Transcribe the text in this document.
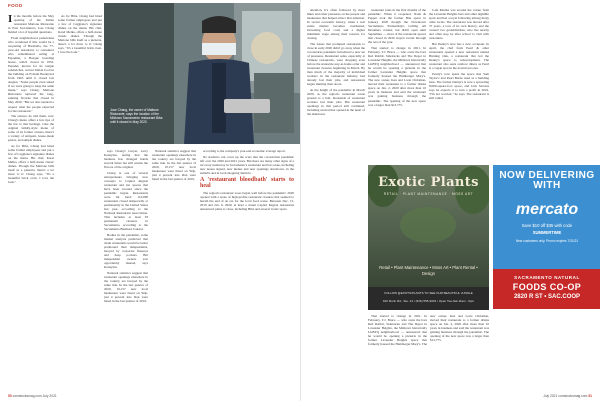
FOOD

In the months before the May opening of his Italian restaurant Mattone Ristorante in East Sacramento, Jose Chang fielded a lot of hopeful questions.

From neighborhood pedestrians who wondered if this would be a reopening of Bareballa, the 77-year-old restaurant, to customers who remembered eating at Espadine, a Basque boarding house, which closed in 1952. Espadel, known for its tongue sandwiches, served Italian food in the building on Folsom Boulevard from 1965 until it closed last August. "Some people even asked if we were going to keep the same menu," says Chang. Mattone Ristorante replaced the long-running favorite that closed in May 2020. "But we also needed to respect what the people expected for the restaurant."

The answer, he told them, was: Chang's menu offers a few tips of the hat to that heritage. Like the original family-style menu of some of its former owners, there's a variety of antipasti, house-made pastas, and simple dishes.

As for Biba, Chang had hired some former employees and put a few of Caggiano's signature dishes on the menu. His chef, Karel Melka, offers a half-dozen classic dishes. Though the Mattone bills itself as a pizzeria, there's a lot more to it: Chang says, "It's a beautiful brick oven. I love the look."

As for Biba, Chang had hired some former employees and put a few of Caggiano's signature dishes on the menu. His chef, Karel Melka, offers a half-dozen classic dishes. Though the Mattone bills itself as a pizzeria, there's a lot more to it: Chang says, "It's a beautiful brick oven. I love the look."

Jose Chang, the owner of Mattone Ristorante, says the location of the Midtown Sacramento restaurant Biba until it closed in May 2020.

says Chang's lawyer, Larry Kanayian, noting that the business has changed hands several times but still retains the flavors of the original.

Chang is one of several entrepreneurs bringing new concepts to Capitol Region restaurant and bar spaces that have been vacated since the pandemic began. Restaurants were hit hard: 110,000 restaurants closed temporarily or permanently in the United States last year, according to the National Restaurant Association. That includes at least 93 permanent closures in Sacramento, according to the Sacramento Business Journal.

Bodies in the pandemic, some market analysts predicted that chain restaurants would be better positioned than independents, buoyed by corporate finances and deep pockets. But independent owners saw opportunity instead, says Kanayian.

National statistics suggest that restaurant openings elsewhere in the country are buoyed by the same tide. In the last quarter of 2020, 10,157 new local businesses were listed on Yelp, just 4 percent less than were listed in the last quarter of 2019,

National statistics suggest that restaurant openings elsewhere in the country are buoyed by the same tide. In the last quarter of 2020, 10,157 new local businesses were listed on Yelp, just 4 percent less than were listed in the last quarter of 2019,

according to the company's year-end economic average report.

No statistics can cover up the scars that the coronavirus pandemic left over the 2020 and 2021 years. But there are many other signs of a recovery underway in Sacramento's restaurant and bar scene, including new leases signed, new menus and new openings downtown, in the suburbs and in local shopping districts.

A 'restaurant bloodbath' starts to heal

The region's restaurant woes began well before the pandemic: 2020 opened with a spate of high-profile restaurant closures that seemed to herald the end of an era for the local food scene. Between Dec. 15, 2019 and Jan. 6, 2020, at least a dozen Capitol Region restaurants announced plans to close, including Biba and several iconic spots.

50 comstocksmag.com July 2021

attention, it's often followed by more hikes and other pressures on the people and businesses that helped attract that attention. In recent economic history, when a real estate market becomes overheated, increasing food costs and a higher minimum wage among their reasons for closing.

The issues that prompted restaurants to close in early 2020 didn't go away when the coronavirus pandemic introduced a new set of pressures. Restaurant sales, especially at Chinese restaurants, were dropping even before the statewide stay-at-home order and restaurant closures beginning in March. By then much of the majority of individual workers in the restaurant industry had already lost their jobs, and restaurants began shutting their doors.

At the height of the pandemic in March 2020, as the region's restaurant scene ground to a halt, thousands of restaurant workers lost their jobs. But restaurant openings in this period still continued, including several that opened in the heart of the shutdown.

restaurant sales in the first months of the pandemic. When it reopened, Noah & Pepper took the former Bite space in January 2020 though the Downtown Sacramento Partnership's Calling All Dreamers contest, but didn't open until September — most of the restaurant spaces that closed in 2020 stayed vacant through the rest of the year.

That started to change in 2021. In February, T.J. Bruce — who owns the bars Red Rabbit, Sidetracks and The Depot in Lavender Heights, the Midtown historically LGBTQ neighborhood — announced that he would be opening a pizzeria in the former Lavender Heights space that formerly housed the Hamburger Mary's. The new owner, Ken and Lorie Chrisman, moved their restaurant to a former drinks space on Jan. 2, 2020 after more than 10 years in business and said the restaurant was gaining business through the pandemic. The opening of the new space was a larger than $13,775.

Cafe Marika was around the corner from the Lavender Heights bars and other nightlife spots and had a loyal following among many older locals. The restaurant was moved after 37 years, a tour of its own history, and the owners' two grandchildren, who live nearby and often stop by after school to visit with customers.

But Denny's now has a new occupant. In April, the chef from Pearl & other restaurants opened a new restaurant named Burning Oak, a restaurant that led the Denny's space to redevelopment. The restaurant also seats outdoor diners as Pearl is a vegan spot in the downtown area.

Pearly's now spans the space that Sam Taylor's and Pearl Burns used as a building base. The former Denny's is now a sprawling 8,000-square-foot space, and Jack Stevens says he expects it to turn a profit in 2022. "I'm not worried," he says. The restaurant is still called

Exotic Plants
RETAIL · PLANT MAINTENANCE · MOSS ART
Retail • Plant Maintenance • Moss Art • Plant Rental • Design
FOLLOW @EXOTICPLANTS TO SEE OUR BEAUTIFUL JUNGLE
910 Florin Rd., Ste. 14 • (916) 555-3004 • Open Tue-Sat 11am - 6pm
NOW DELIVERING WITH
mercato
Save $10 off $35 with code
SUMMERTIME
New customers only. Promo expires 7/31/21
SACRAMENTO NATURAL
FOODS CO-OP
2820 R ST • SAC.COOP

That started to change in 2021. In February, T.J. Bruce — who owns the bars Red Rabbit, Sidetracks and The Depot in Lavender Heights, the Midtown historically LGBTQ neighborhood — announced that he would be opening a pizzeria in the former Lavender Heights space that formerly housed the Hamburger Mary's. The new owner, Ken and Lorie Chrisman, moved their restaurant to a former drinks space on Jan. 2, 2020 after more than 10 years in business and said the restaurant was gaining business through the pandemic. The opening of the new space was a larger than $13,775.

July 2021 comstocksmag.com 51
